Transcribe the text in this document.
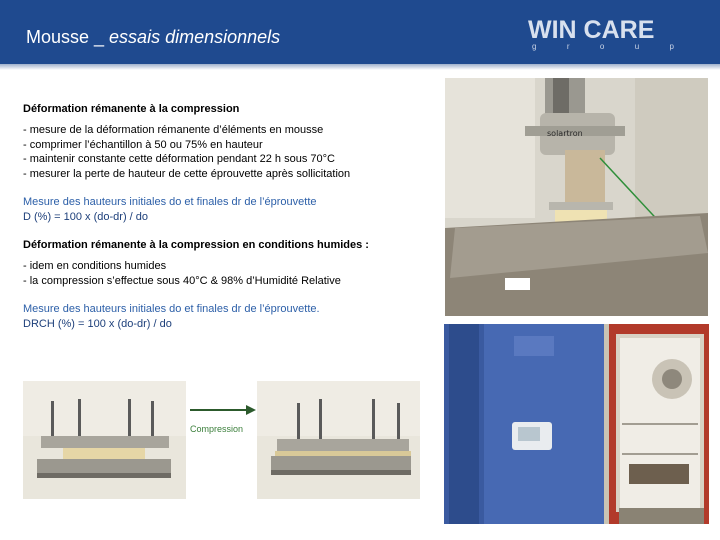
Mousse _ essais dimensionnels	WIN CARE
g	r	o	u	p
Déformation rémanente à la compression
- mesure de la déformation rémanente d’éléments en mousse
- comprimer l’échantillon à 50 ou 75% en hauteur
- maintenir constante cette déformation pendant 22 h sous 70°C
- mesurer la perte de hauteur de cette éprouvette après sollicitation
Mesure des hauteurs initiales do et finales dr de l’éprouvette
D (%) = 100 x (do-dr) / do
Déformation rémanente à la compression en conditions humides :
- idem en conditions humides
- la compression s’effectue sous 40°C & 98% d’Humidité Relative
Mesure des hauteurs initiales do et finales dr de l’éprouvette.
DRCH (%) = 100 x (do-dr) / do
solartron
Compression
